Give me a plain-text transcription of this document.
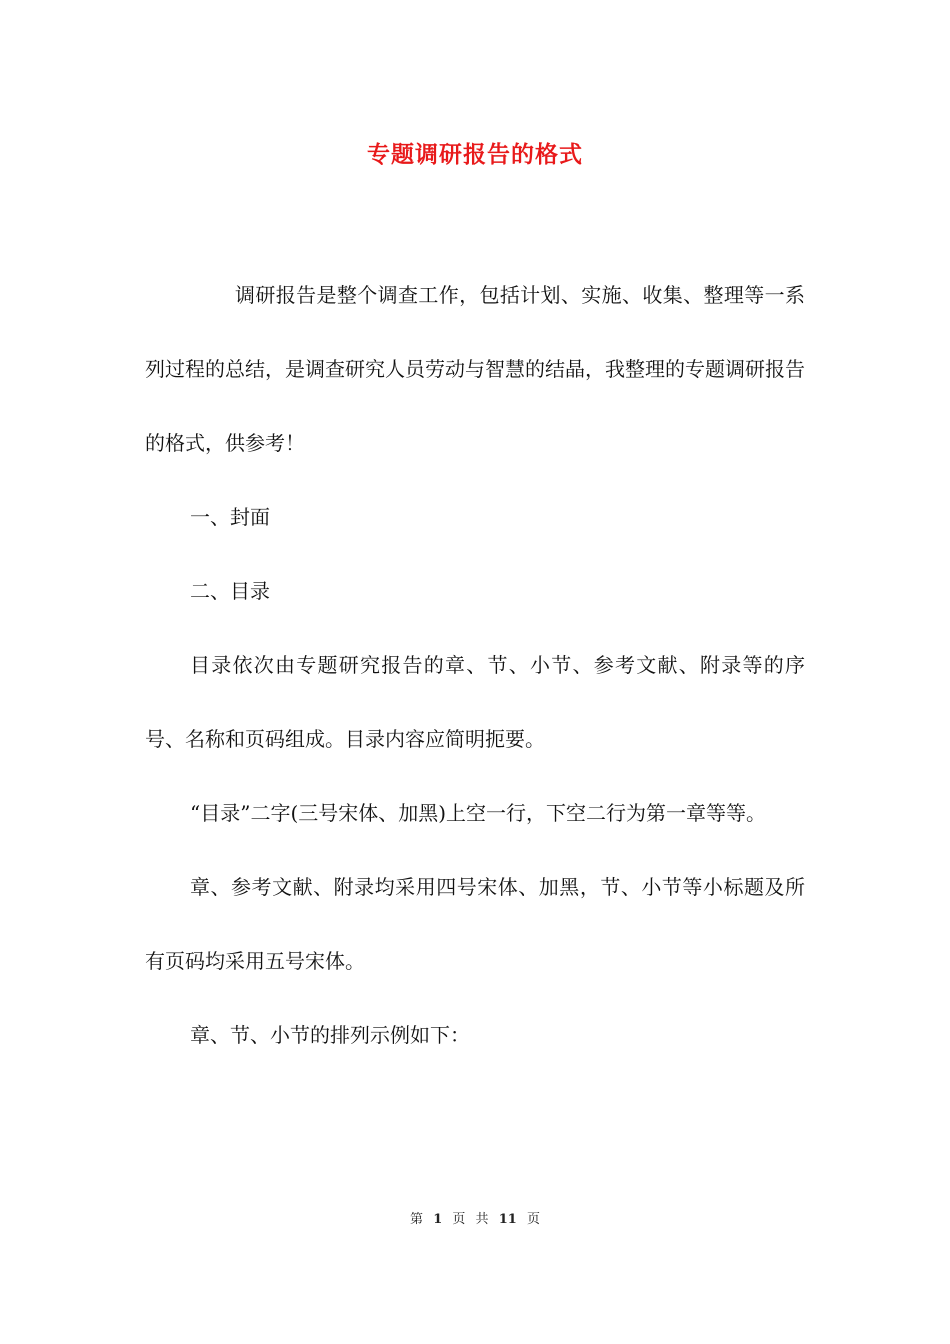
专题调研报告的格式

调研报告是整个调查工作，包括计划、实施、收集、整理等一系列过程的总结，是调查研究人员劳动与智慧的结晶，我整理的专题调研报告的格式，供参考！

一、封面

二、目录

目录依次由专题研究报告的章、节、小节、参考文献、附录等的序号、名称和页码组成。目录内容应简明扼要。

“目录”二字(三号宋体、加黑)上空一行，下空二行为第一章等等。

章、参考文献、附录均采用四号宋体、加黑，节、小节等小标题及所有页码均采用五号宋体。

章、节、小节的排列示例如下：

第 1 页 共 11 页
